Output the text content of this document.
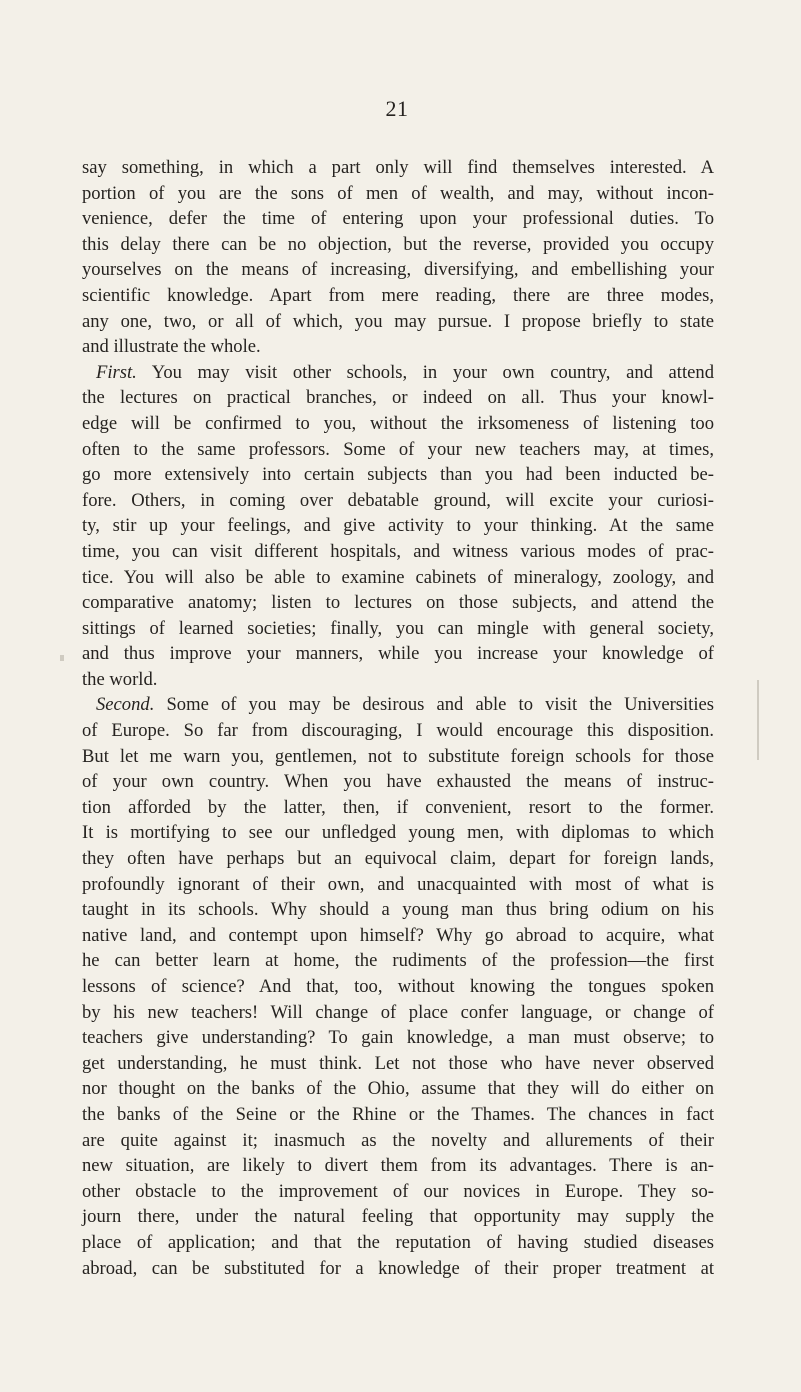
21
say something, in which a part only will find themselves interested. A
portion of you are the sons of men of wealth, and may, without incon-
venience, defer the time of entering upon your professional duties. To
this delay there can be no objection, but the reverse, provided you occupy
yourselves on the means of increasing, diversifying, and embellishing your
scientific knowledge. Apart from mere reading, there are three modes,
any one, two, or all of which, you may pursue. I propose briefly to state
and illustrate the whole.
First. You may visit other schools, in your own country, and attend
the lectures on practical branches, or indeed on all. Thus your knowl-
edge will be confirmed to you, without the irksomeness of listening too
often to the same professors. Some of your new teachers may, at times,
go more extensively into certain subjects than you had been inducted be-
fore. Others, in coming over debatable ground, will excite your curiosi-
ty, stir up your feelings, and give activity to your thinking. At the same
time, you can visit different hospitals, and witness various modes of prac-
tice. You will also be able to examine cabinets of mineralogy, zoology, and
comparative anatomy; listen to lectures on those subjects, and attend the
sittings of learned societies; finally, you can mingle with general society,
and thus improve your manners, while you increase your knowledge of
the world.
Second. Some of you may be desirous and able to visit the Universities
of Europe. So far from discouraging, I would encourage this disposition.
But let me warn you, gentlemen, not to substitute foreign schools for those
of your own country. When you have exhausted the means of instruc-
tion afforded by the latter, then, if convenient, resort to the former.
It is mortifying to see our unfledged young men, with diplomas to which
they often have perhaps but an equivocal claim, depart for foreign lands,
profoundly ignorant of their own, and unacquainted with most of what is
taught in its schools. Why should a young man thus bring odium on his
native land, and contempt upon himself? Why go abroad to acquire, what
he can better learn at home, the rudiments of the profession—the first
lessons of science? And that, too, without knowing the tongues spoken
by his new teachers! Will change of place confer language, or change of
teachers give understanding? To gain knowledge, a man must observe; to
get understanding, he must think. Let not those who have never observed
nor thought on the banks of the Ohio, assume that they will do either on
the banks of the Seine or the Rhine or the Thames. The chances in fact
are quite against it; inasmuch as the novelty and allurements of their
new situation, are likely to divert them from its advantages. There is an-
other obstacle to the improvement of our novices in Europe. They so-
journ there, under the natural feeling that opportunity may supply the
place of application; and that the reputation of having studied diseases
abroad, can be substituted for a knowledge of their proper treatment at
